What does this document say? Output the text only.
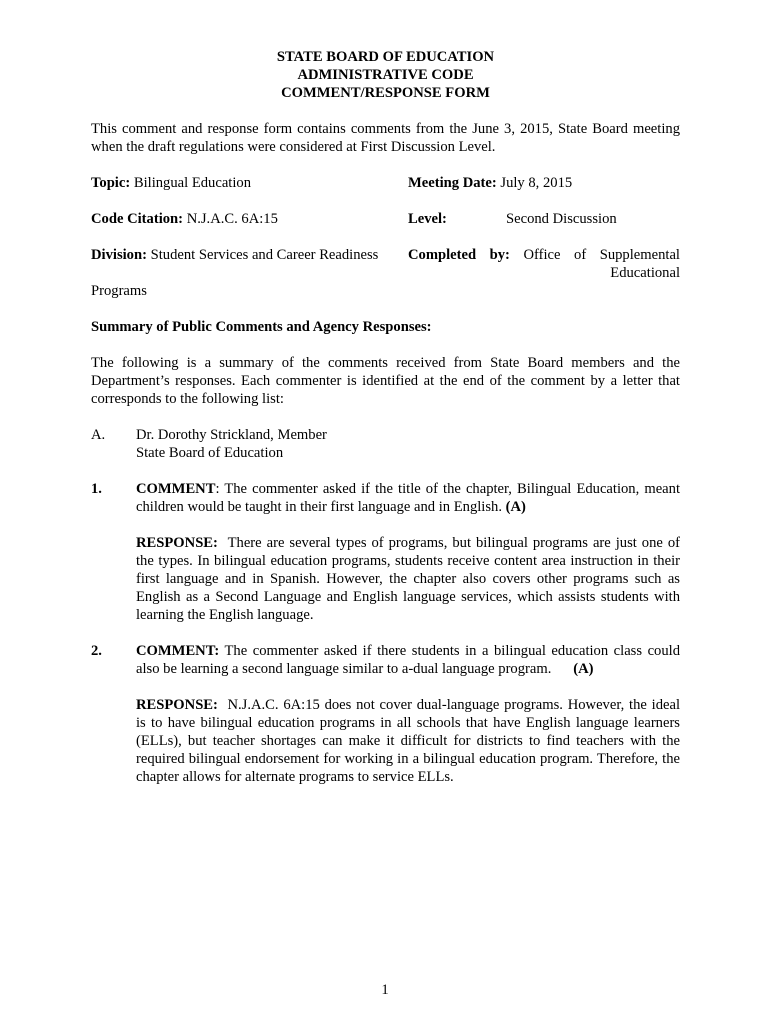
STATE BOARD OF EDUCATION
ADMINISTRATIVE CODE
COMMENT/RESPONSE FORM
This comment and response form contains comments from the June 3, 2015, State Board meeting when the draft regulations were considered at First Discussion Level.
Topic: Bilingual Education	Meeting Date: July 8, 2015
Code Citation: N.J.A.C. 6A:15	Level:	Second Discussion
Division: Student Services and Career Readiness	Completed by: Office of Supplemental Educational
Programs
Summary of Public Comments and Agency Responses:
The following is a summary of the comments received from State Board members and the Department’s responses. Each commenter is identified at the end of the comment by a letter that corresponds to the following list:
A.	Dr. Dorothy Strickland, Member
State Board of Education
1.	COMMENT: The commenter asked if the title of the chapter, Bilingual Education, meant children would be taught in their first language and in English. (A)
RESPONSE: There are several types of programs, but bilingual programs are just one of the types. In bilingual education programs, students receive content area instruction in their first language and in Spanish. However, the chapter also covers other programs such as English as a Second Language and English language services, which assists students with learning the English language.
2.	COMMENT: The commenter asked if there students in a bilingual education class could also be learning a second language similar to a-dual language program. (A)
RESPONSE: N.J.A.C. 6A:15 does not cover dual-language programs. However, the ideal is to have bilingual education programs in all schools that have English language learners (ELLs), but teacher shortages can make it difficult for districts to find teachers with the required bilingual endorsement for working in a bilingual education program. Therefore, the chapter allows for alternate programs to service ELLs.
1
